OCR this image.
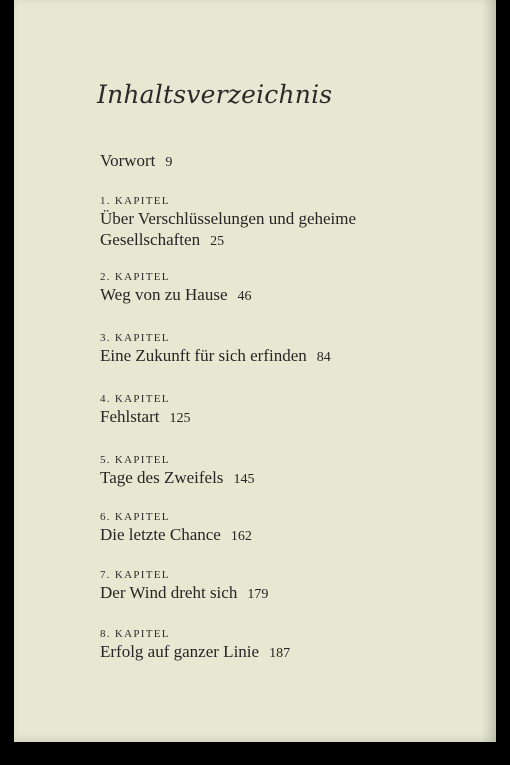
Inhaltsverzeichnis
Vorwort 9
1. KAPITEL
Über Verschlüsselungen und geheime
Gesellschaften 25
2. KAPITEL
Weg von zu Hause 46
3. KAPITEL
Eine Zukunft für sich erfinden 84
4. KAPITEL
Fehlstart 125
5. KAPITEL
Tage des Zweifels 145
6. KAPITEL
Die letzte Chance 162
7. KAPITEL
Der Wind dreht sich 179
8. KAPITEL
Erfolg auf ganzer Linie 187
